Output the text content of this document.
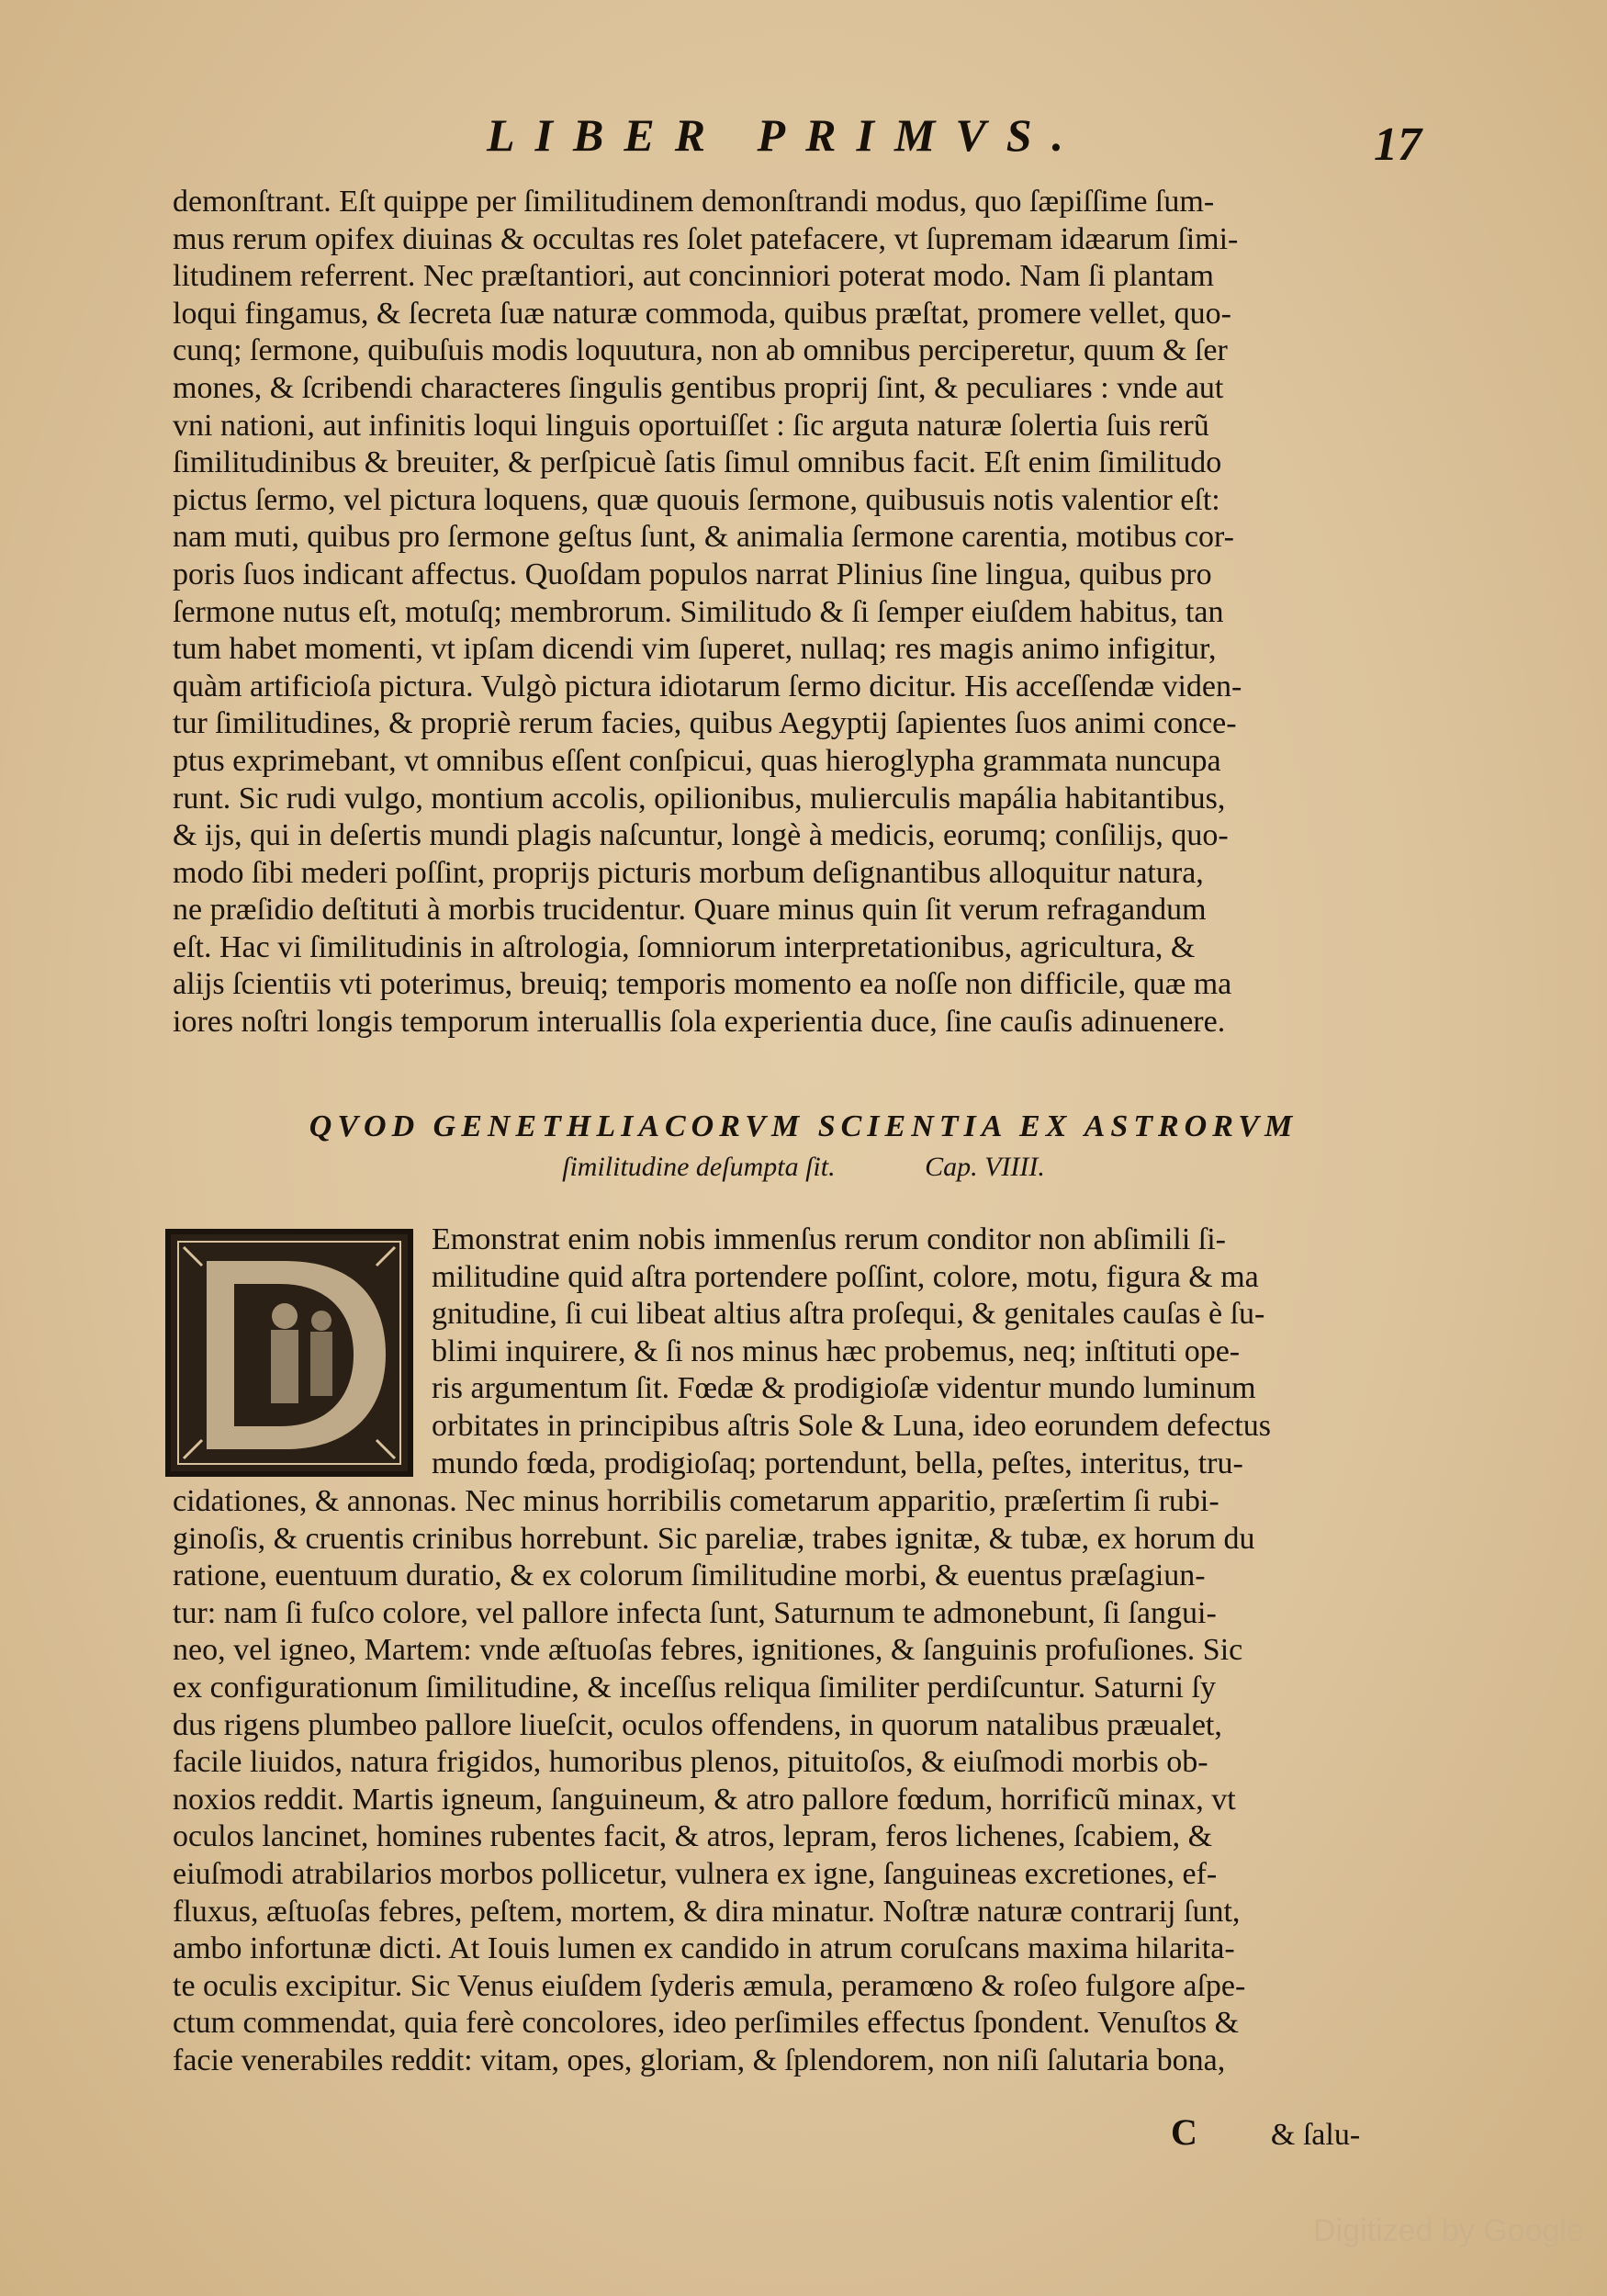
LIBER PRIMVS.	17
demonſtrant. Eſt quippe per ſimilitudinem demonſtrandi modus, quo ſæpiſſime ſum-
mus rerum opifex diuinas & occultas res ſolet patefacere, vt ſupremam idæarum ſimi-
litudinem referrent. Nec præſtantiori, aut concinniori poterat modo. Nam ſi plantam
loqui fingamus, & ſecreta ſuæ naturæ commoda, quibus præſtat, promere vellet, quo-
cunq; ſermone, quibuſuis modis loquutura, non ab omnibus perciperetur, quum & ſer
mones, & ſcribendi characteres ſingulis gentibus proprij ſint, & peculiares : vnde aut
vni nationi, aut infinitis loqui linguis oportuiſſet : ſic arguta naturæ ſolertia ſuis rerũ
ſimilitudinibus & breuiter, & perſpicuè ſatis ſimul omnibus facit. Eſt enim ſimilitudo
pictus ſermo, vel pictura loquens, quæ quouis ſermone, quibusuis notis valentior eſt:
nam muti, quibus pro ſermone geſtus ſunt, & animalia ſermone carentia, motibus cor-
poris ſuos indicant affectus. Quoſdam populos narrat Plinius ſine lingua, quibus pro
ſermone nutus eſt, motuſq; membrorum. Similitudo & ſi ſemper eiuſdem habitus, tan
tum habet momenti, vt ipſam dicendi vim ſuperet, nullaq; res magis animo infigitur,
quàm artificioſa pictura. Vulgò pictura idiotarum ſermo dicitur. His acceſſendæ viden-
tur ſimilitudines, & propriè rerum facies, quibus Aegyptij ſapientes ſuos animi conce-
ptus exprimebant, vt omnibus eſſent conſpicui, quas hieroglypha grammata nuncupa
runt. Sic rudi vulgo, montium accolis, opilionibus, mulierculis mapália habitantibus,
& ijs, qui in deſertis mundi plagis naſcuntur, longè à medicis, eorumq; conſilijs, quo-
modo ſibi mederi poſſint, proprijs picturis morbum deſignantibus alloquitur natura,
ne præſidio deſtituti à morbis trucidentur. Quare minus quin ſit verum refragandum
eſt. Hac vi ſimilitudinis in aſtrologia, ſomniorum interpretationibus, agricultura, &
alijs ſcientiis vti poterimus, breuiq; temporis momento ea noſſe non difficile, quæ ma
iores noſtri longis temporum interuallis ſola experientia duce, ſine cauſis adinuenere.
QVOD GENETHLIACORVM SCIENTIA EX ASTRORVM
ſimilitudine deſumpta ſit.	Cap. VIIII.
Emonstrat enim nobis immenſus rerum conditor non abſimili ſi-
militudine quid aſtra portendere poſſint, colore, motu, figura & ma
gnitudine, ſi cui libeat altius aſtra proſequi, & genitales cauſas è ſu-
blimi inquirere, & ſi nos minus hæc probemus, neq; inſtituti ope-
ris argumentum ſit. Fœdæ & prodigioſæ videntur mundo luminum
orbitates in principibus aſtris Sole & Luna, ideo eorundem defectus
mundo fœda, prodigioſaq; portendunt, bella, peſtes, interitus, tru-
cidationes, & annonas. Nec minus horribilis cometarum apparitio, præſertim ſi rubi-
ginoſis, & cruentis crinibus horrebunt. Sic pareliæ, trabes ignitæ, & tubæ, ex horum du
ratione, euentuum duratio, & ex colorum ſimilitudine morbi, & euentus præſagiun-
tur: nam ſi fuſco colore, vel pallore infecta ſunt, Saturnum te admonebunt, ſi ſangui-
neo, vel igneo, Martem: vnde æſtuoſas febres, ignitiones, & ſanguinis profuſiones. Sic
ex configurationum ſimilitudine, & inceſſus reliqua ſimiliter perdiſcuntur. Saturni ſy
dus rigens plumbeo pallore liueſcit, oculos offendens, in quorum natalibus præualet,
facile liuidos, natura frigidos, humoribus plenos, pituitoſos, & eiuſmodi morbis ob-
noxios reddit. Martis igneum, ſanguineum, & atro pallore fœdum, horrificũ minax, vt
oculos lancinet, homines rubentes facit, & atros, lepram, feros lichenes, ſcabiem, &
eiuſmodi atrabilarios morbos pollicetur, vulnera ex igne, ſanguineas excretiones, ef-
fluxus, æſtuoſas febres, peſtem, mortem, & dira minatur. Noſtræ naturæ contrarij ſunt,
ambo infortunæ dicti. At Iouis lumen ex candido in atrum coruſcans maxima hilarita-
te oculis excipitur. Sic Venus eiuſdem ſyderis æmula, peramœno & roſeo fulgore aſpe-
ctum commendat, quia ferè concolores, ideo perſimiles effectus ſpondent. Venuſtos &
facie venerabiles reddit: vitam, opes, gloriam, & ſplendorem, non niſi ſalutaria bona,
C & ſalu-
Digitized by Google
